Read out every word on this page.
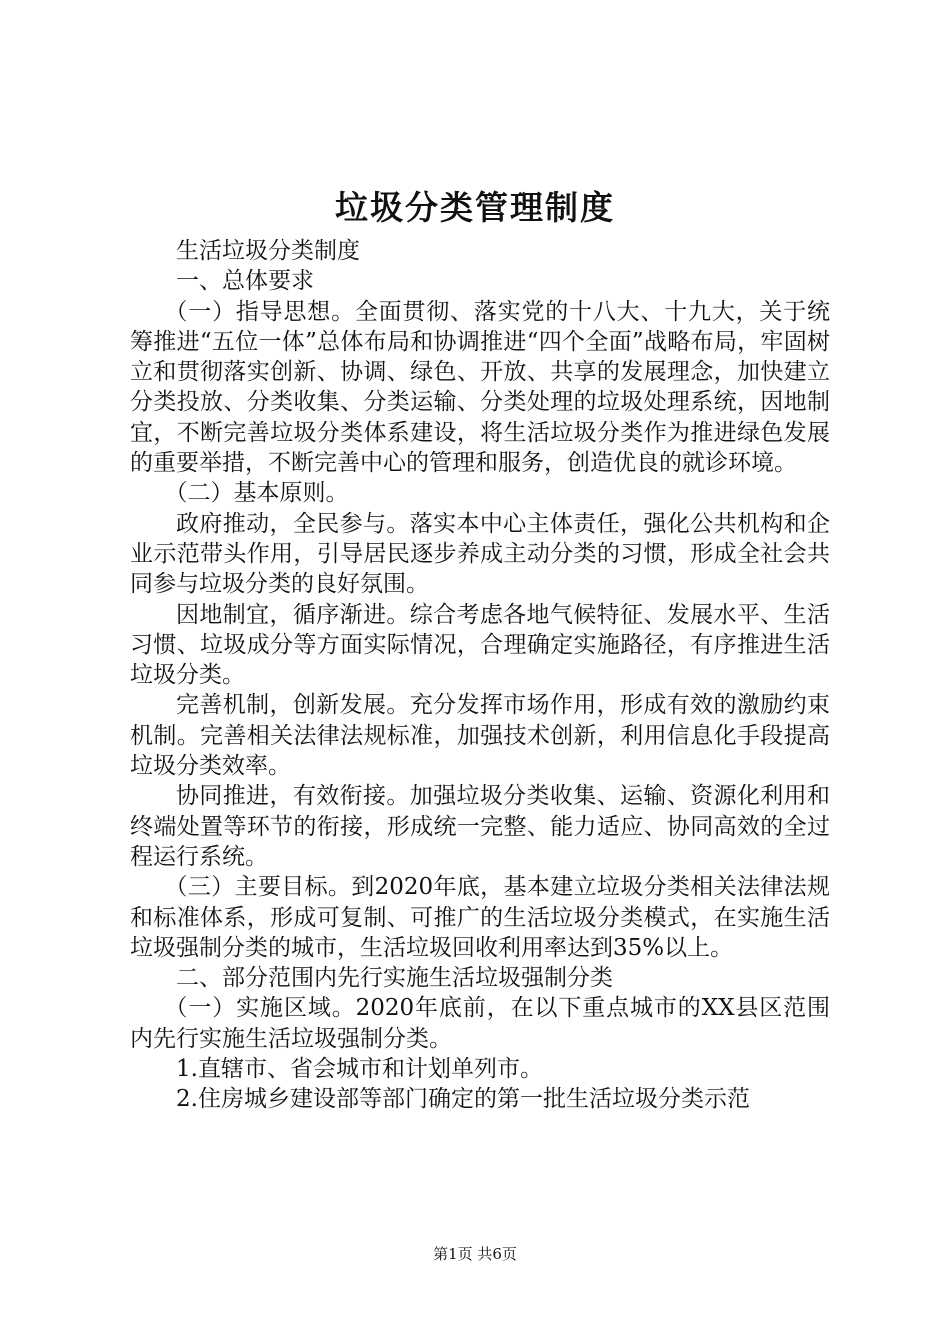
垃圾分类管理制度

生活垃圾分类制度

一、总体要求

（一）指导思想。全面贯彻、落实党的十八大、十九大，关于统筹推进“五位一体”总体布局和协调推进“四个全面”战略布局，牢固树立和贯彻落实创新、协调、绿色、开放、共享的发展理念，加快建立分类投放、分类收集、分类运输、分类处理的垃圾处理系统，因地制宜，不断完善垃圾分类体系建设，将生活垃圾分类作为推进绿色发展的重要举措，不断完善中心的管理和服务，创造优良的就诊环境。

（二）基本原则。

政府推动，全民参与。落实本中心主体责任，强化公共机构和企业示范带头作用，引导居民逐步养成主动分类的习惯，形成全社会共同参与垃圾分类的良好氛围。

因地制宜，循序渐进。综合考虑各地气候特征、发展水平、生活习惯、垃圾成分等方面实际情况，合理确定实施路径，有序推进生活垃圾分类。

完善机制，创新发展。充分发挥市场作用，形成有效的激励约束机制。完善相关法律法规标准，加强技术创新，利用信息化手段提高垃圾分类效率。

协同推进，有效衔接。加强垃圾分类收集、运输、资源化利用和终端处置等环节的衔接，形成统一完整、能力适应、协同高效的全过程运行系统。

（三）主要目标。到2020年底，基本建立垃圾分类相关法律法规和标准体系，形成可复制、可推广的生活垃圾分类模式，在实施生活垃圾强制分类的城市，生活垃圾回收利用率达到35%以上。

二、部分范围内先行实施生活垃圾强制分类

（一）实施区域。2020年底前，在以下重点城市的XX县区范围内先行实施生活垃圾强制分类。

1.直辖市、省会城市和计划单列市。

2.住房城乡建设部等部门确定的第一批生活垃圾分类示范

第1页 共6页
